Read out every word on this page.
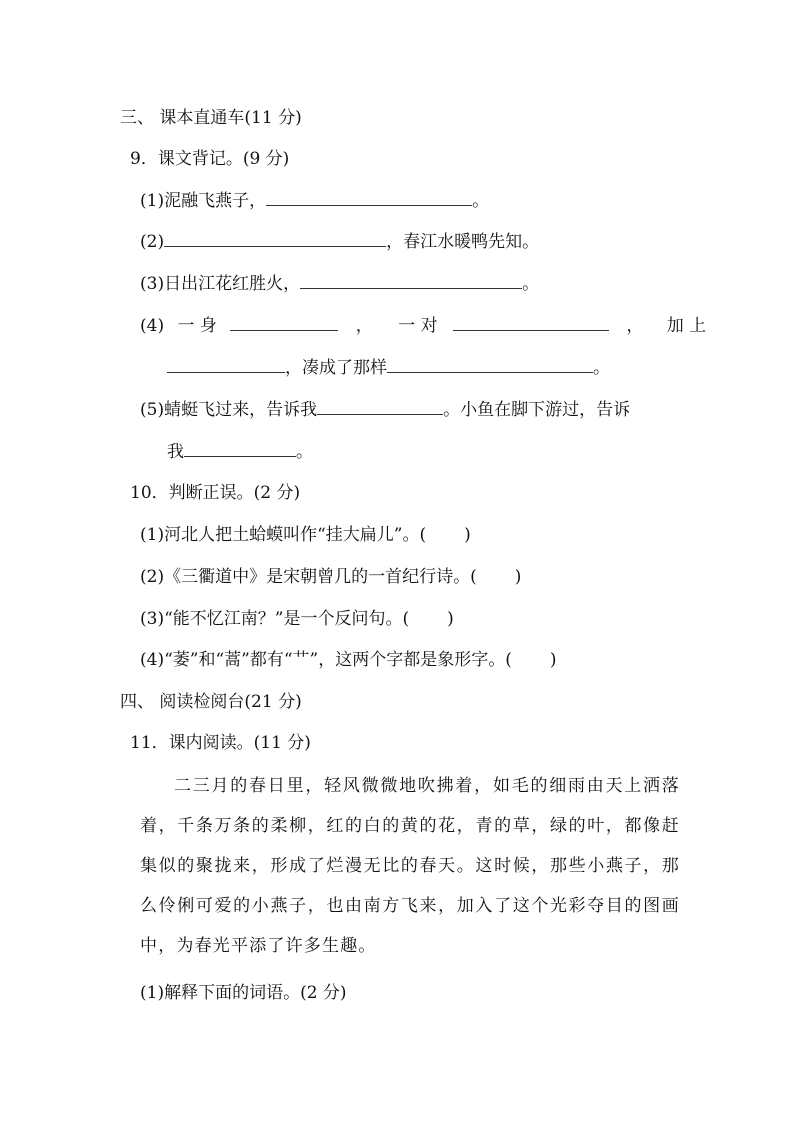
三、 课本直通车(11 分)
9．课文背记。(9 分)
(1)泥融飞燕子，	。
(2)	，春江水暖鸭先知。
(3)日出江花红胜火，	。
(4) 一 身	， 一 对	， 加 上
，凑成了那样	。
(5)蜻蜓飞过来，告诉我	。小鱼在脚下游过，告诉
我	。
10．判断正误。(2 分)
(1)河北人把土蛤蟆叫作“挂大扁儿”。( )
(2)《三衢道中》是宋朝曾几的一首纪行诗。( )
(3)“能不忆江南？”是一个反问句。( )
(4)“萎”和“蒿”都有“艹”，这两个字都是象形字。( )
四、 阅读检阅台(21 分)
11．课内阅读。(11 分)
二三月的春日里，轻风微微地吹拂着，如毛的细雨由天上洒落着，千条万条的柔柳，红的白的黄的花，青的草，绿的叶，都像赶集似的聚拢来，形成了烂漫无比的春天。这时候，那些小燕子，那么伶俐可爱的小燕子，也由南方飞来，加入了这个光彩夺目的图画中，为春光平添了许多生趣。
(1)解释下面的词语。(2 分)
